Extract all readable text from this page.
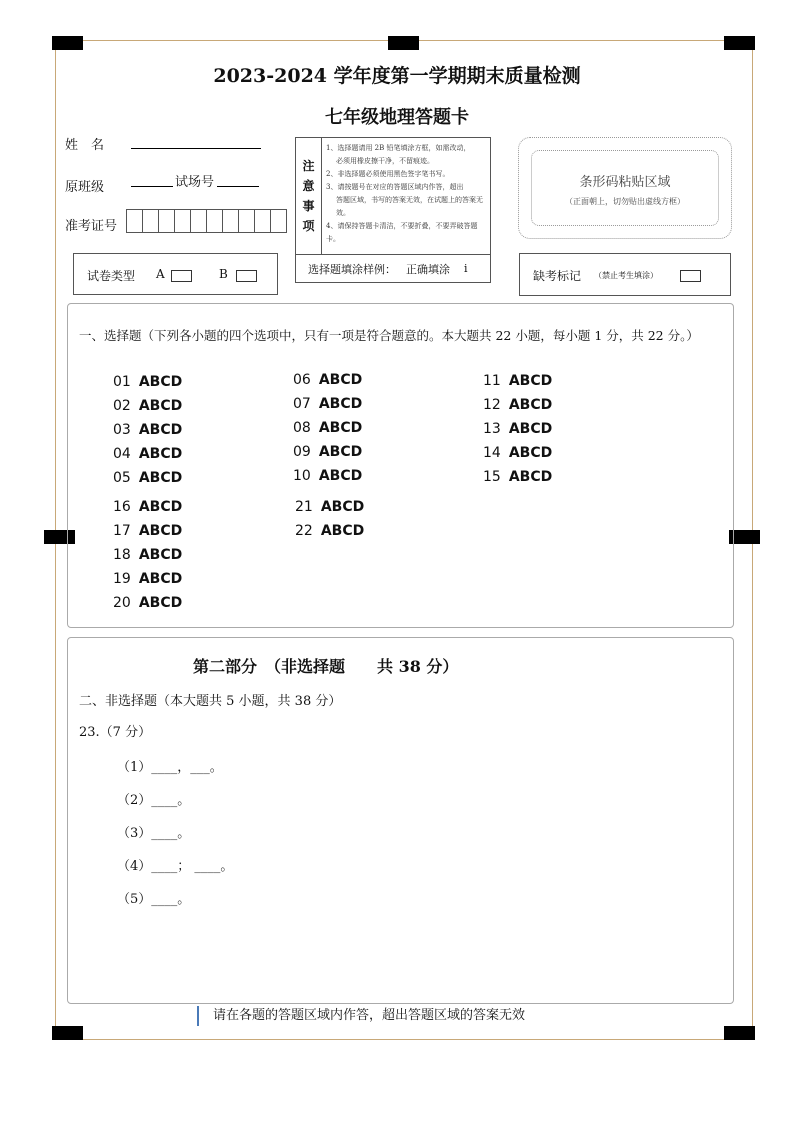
2023-2024 学年度第一学期期末质量检测
七年级地理答题卡
姓　名
原班级	试场号
准考证号
注
意
事
项
1、选择题请用 2B 铅笔填涂方框，如需改动，
必须用橡皮擦干净，不留痕迹。
2、非选择题必须使用黑色签字笔书写。
3、请按题号在对应的答题区域内作答，超出
答题区域，书写的答案无效，在试题上的答案无效。
4、请保持答题卡清洁，不要折叠，不要弄破答题卡。
选择题填涂样例： 正确填涂 i
条形码粘贴区域
（正面朝上，切勿贴出虚线方框）
试卷类型 A	B	缺考标记 （禁止考生填涂）
一、选择题（下列各小题的四个选项中，只有一项是符合题意的。本大题共 22 小题，每小题 1 分，共 22 分。）
01 ABCD
02 ABCD
03 ABCD
04 ABCD
05 ABCD
06 ABCD
07 ABCD
08 ABCD
09 ABCD
10 ABCD
11 ABCD
12 ABCD
13 ABCD
14 ABCD
15 ABCD
16 ABCD
17 ABCD
18 ABCD
19 ABCD
20 ABCD
21 ABCD
22 ABCD
第二部分　（非选择题　　共 38 分）
二、非选择题（本大题共 5 小题，共 38 分）
23.（7 分）
（1）____，___。
（2）____。
（3）____。
（4）____； ____。
（5）____。
请在各题的答题区域内作答，超出答题区域的答案无效
